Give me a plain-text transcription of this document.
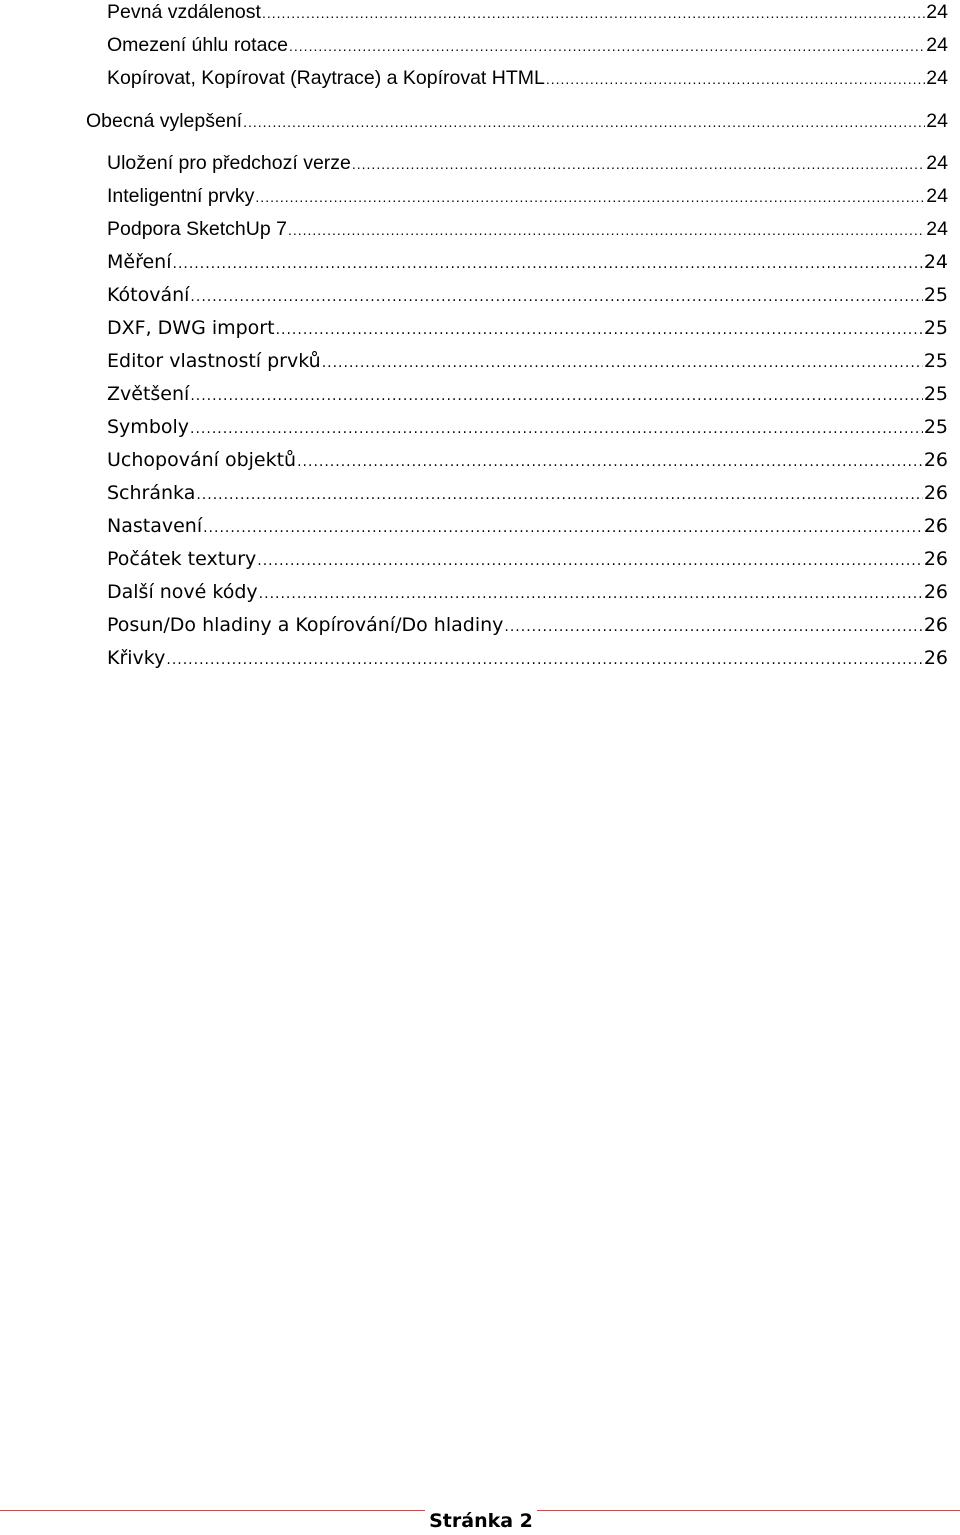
Pevná vzdálenost .....	24
Omezení úhlu rotace .....	24
Kopírovat, Kopírovat (Raytrace) a Kopírovat HTML .....	24
Obecná vylepšení .....	24
Uložení pro předchozí verze .....	24
Inteligentní prvky .....	24
Podpora SketchUp 7 .....	24
Měření .....	24
Kótování .....	25
DXF, DWG import .....	25
Editor vlastností prvků .....	25
Zvětšení .....	25
Symboly .....	25
Uchopování objektů .....	26
Schránka .....	26
Nastavení .....	26
Počátek textury .....	26
Další nové kódy .....	26
Posun/Do hladiny a Kopírování/Do hladiny .....	26
Křivky .....	26
Stránka 2
